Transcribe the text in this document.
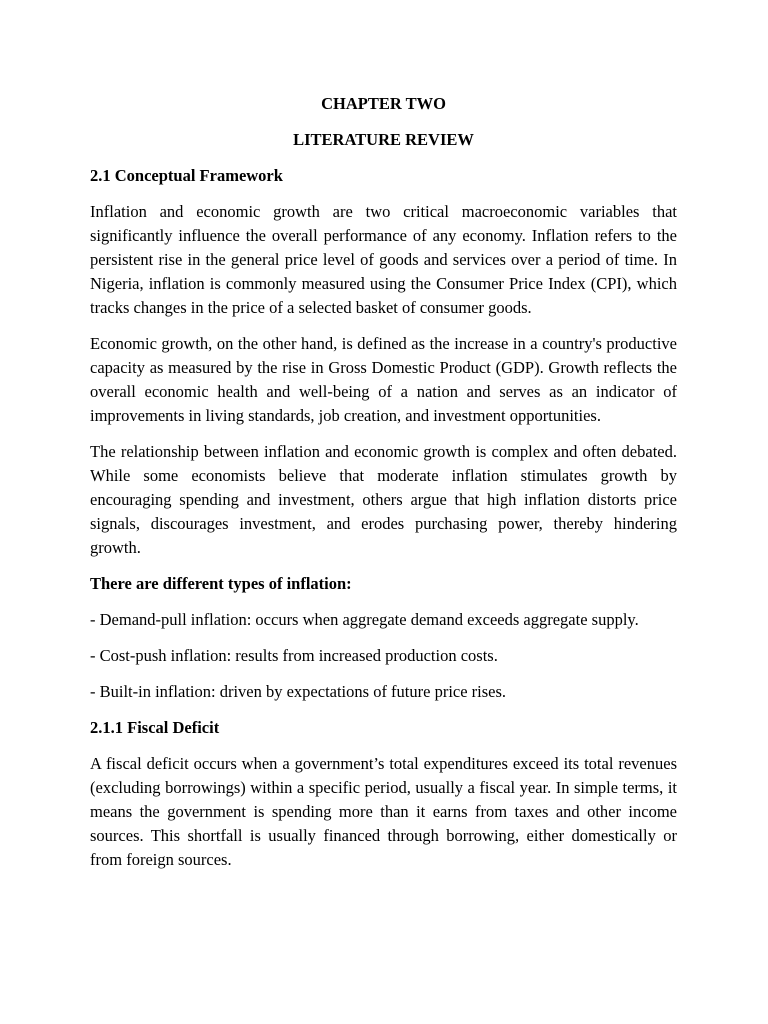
CHAPTER TWO
LITERATURE REVIEW
2.1 Conceptual Framework

Inflation and economic growth are two critical macroeconomic variables that significantly influence the overall performance of any economy. Inflation refers to the persistent rise in the general price level of goods and services over a period of time. In Nigeria, inflation is commonly measured using the Consumer Price Index (CPI), which tracks changes in the price of a selected basket of consumer goods.

Economic growth, on the other hand, is defined as the increase in a country's productive capacity as measured by the rise in Gross Domestic Product (GDP). Growth reflects the overall economic health and well-being of a nation and serves as an indicator of improvements in living standards, job creation, and investment opportunities.

The relationship between inflation and economic growth is complex and often debated. While some economists believe that moderate inflation stimulates growth by encouraging spending and investment, others argue that high inflation distorts price signals, discourages investment, and erodes purchasing power, thereby hindering growth.

There are different types of inflation:
- Demand-pull inflation: occurs when aggregate demand exceeds aggregate supply.
- Cost-push inflation: results from increased production costs.
- Built-in inflation: driven by expectations of future price rises.
2.1.1 Fiscal Deficit

A fiscal deficit occurs when a government’s total expenditures exceed its total revenues (excluding borrowings) within a specific period, usually a fiscal year. In simple terms, it means the government is spending more than it earns from taxes and other income sources. This shortfall is usually financed through borrowing, either domestically or from foreign sources.
